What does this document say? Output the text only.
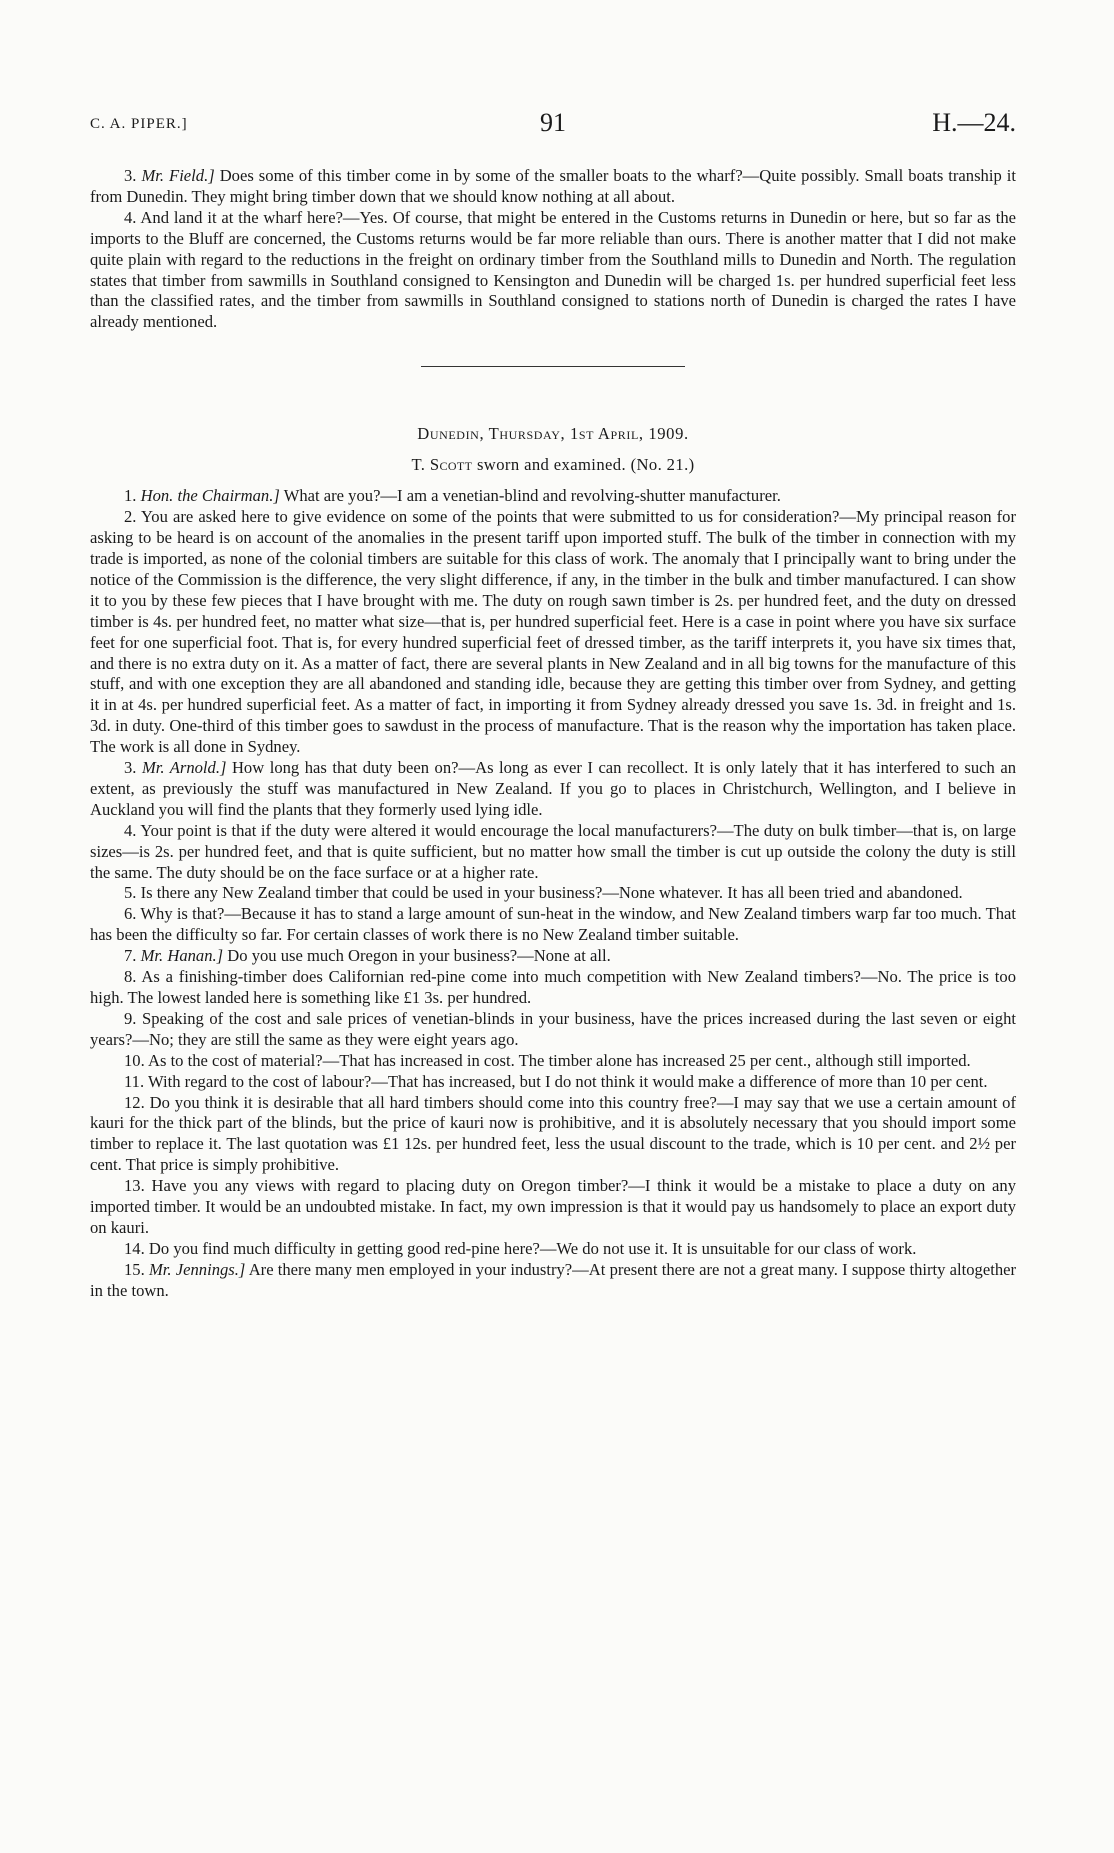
C. A. PIPER.]	91	H.—24.

3. Mr. Field.] Does some of this timber come in by some of the smaller boats to the wharf?—Quite possibly. Small boats tranship it from Dunedin. They might bring timber down that we should know nothing at all about.

4. And land it at the wharf here?—Yes. Of course, that might be entered in the Customs returns in Dunedin or here, but so far as the imports to the Bluff are concerned, the Customs returns would be far more reliable than ours. There is another matter that I did not make quite plain with regard to the reductions in the freight on ordinary timber from the Southland mills to Dunedin and North. The regulation states that timber from sawmills in Southland consigned to Kensington and Dunedin will be charged 1s. per hundred superficial feet less than the classified rates, and the timber from sawmills in Southland consigned to stations north of Dunedin is charged the rates I have already mentioned.

Dunedin, Thursday, 1st April, 1909.
T. Scott sworn and examined. (No. 21.)

1. Hon. the Chairman.] What are you?—I am a venetian-blind and revolving-shutter manufacturer.

2. You are asked here to give evidence on some of the points that were submitted to us for consideration?—My principal reason for asking to be heard is on account of the anomalies in the present tariff upon imported stuff. The bulk of the timber in connection with my trade is imported, as none of the colonial timbers are suitable for this class of work. The anomaly that I principally want to bring under the notice of the Commission is the difference, the very slight difference, if any, in the timber in the bulk and timber manufactured. I can show it to you by these few pieces that I have brought with me. The duty on rough sawn timber is 2s. per hundred feet, and the duty on dressed timber is 4s. per hundred feet, no matter what size—that is, per hundred superficial feet. Here is a case in point where you have six surface feet for one superficial foot. That is, for every hundred superficial feet of dressed timber, as the tariff interprets it, you have six times that, and there is no extra duty on it. As a matter of fact, there are several plants in New Zealand and in all big towns for the manufacture of this stuff, and with one exception they are all abandoned and standing idle, because they are getting this timber over from Sydney, and getting it in at 4s. per hundred superficial feet. As a matter of fact, in importing it from Sydney already dressed you save 1s. 3d. in freight and 1s. 3d. in duty. One-third of this timber goes to sawdust in the process of manufacture. That is the reason why the importation has taken place. The work is all done in Sydney.

3. Mr. Arnold.] How long has that duty been on?—As long as ever I can recollect. It is only lately that it has interfered to such an extent, as previously the stuff was manufactured in New Zealand. If you go to places in Christchurch, Wellington, and I believe in Auckland you will find the plants that they formerly used lying idle.

4. Your point is that if the duty were altered it would encourage the local manufacturers?—The duty on bulk timber—that is, on large sizes—is 2s. per hundred feet, and that is quite sufficient, but no matter how small the timber is cut up outside the colony the duty is still the same. The duty should be on the face surface or at a higher rate.

5. Is there any New Zealand timber that could be used in your business?—None whatever. It has all been tried and abandoned.

6. Why is that?—Because it has to stand a large amount of sun-heat in the window, and New Zealand timbers warp far too much. That has been the difficulty so far. For certain classes of work there is no New Zealand timber suitable.

7. Mr. Hanan.] Do you use much Oregon in your business?—None at all.

8. As a finishing-timber does Californian red-pine come into much competition with New Zealand timbers?—No. The price is too high. The lowest landed here is something like £1 3s. per hundred.

9. Speaking of the cost and sale prices of venetian-blinds in your business, have the prices increased during the last seven or eight years?—No; they are still the same as they were eight years ago.

10. As to the cost of material?—That has increased in cost. The timber alone has increased 25 per cent., although still imported.

11. With regard to the cost of labour?—That has increased, but I do not think it would make a difference of more than 10 per cent.

12. Do you think it is desirable that all hard timbers should come into this country free?—I may say that we use a certain amount of kauri for the thick part of the blinds, but the price of kauri now is prohibitive, and it is absolutely necessary that you should import some timber to replace it. The last quotation was £1 12s. per hundred feet, less the usual discount to the trade, which is 10 per cent. and 2½ per cent. That price is simply prohibitive.

13. Have you any views with regard to placing duty on Oregon timber?—I think it would be a mistake to place a duty on any imported timber. It would be an undoubted mistake. In fact, my own impression is that it would pay us handsomely to place an export duty on kauri.

14. Do you find much difficulty in getting good red-pine here?—We do not use it. It is unsuitable for our class of work.

15. Mr. Jennings.] Are there many men employed in your industry?—At present there are not a great many. I suppose thirty altogether in the town.
